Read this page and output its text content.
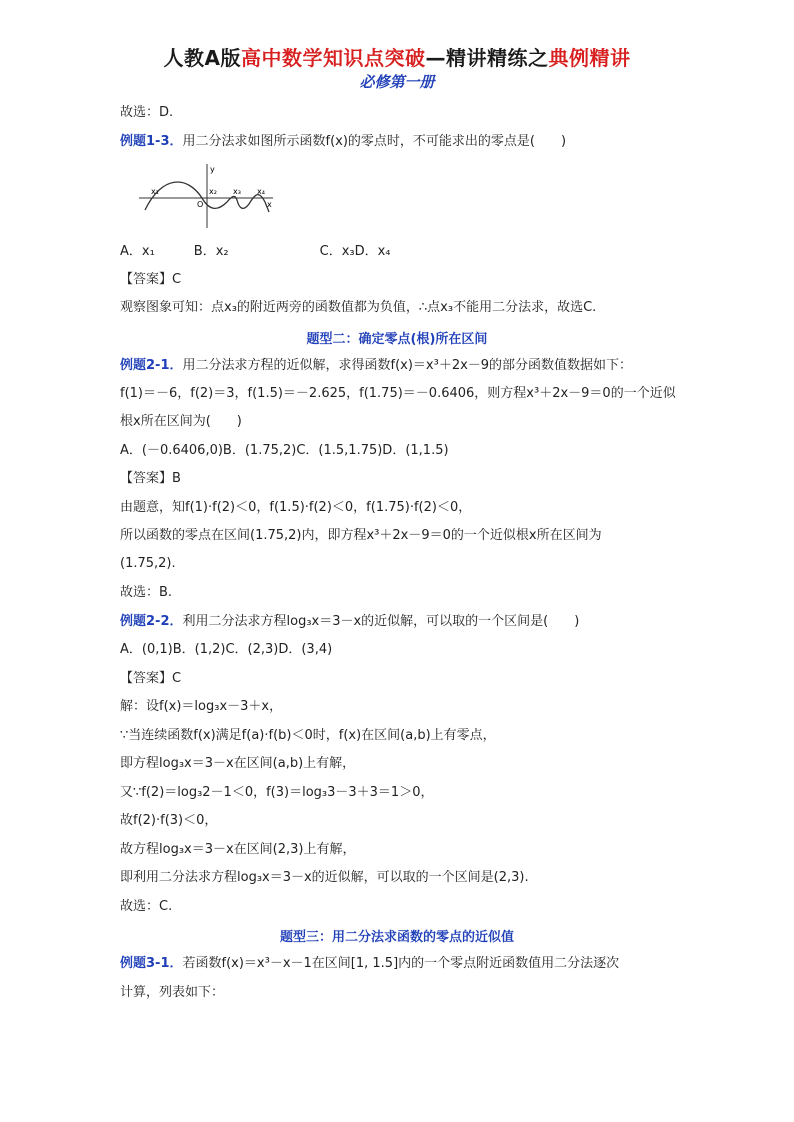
人教A版高中数学知识点突破—精讲精练之典例精讲
必修第一册
故选：D.
例题1-3．用二分法求如图所示函数f(x)的零点时，不可能求出的零点是(　　)
x₁	x₂ x₃ x₄
y
O	x
A．x₁　　　B．x₂　　　　　　　C．x₃D．x₄
【答案】C
观察图象可知：点x₃的附近两旁的函数值都为负值，∴点x₃不能用二分法求，故选C.
题型二：确定零点(根)所在区间
例题2-1．用二分法求方程的近似解，求得函数f(x)＝x³＋2x－9的部分函数值数据如下：
f(1)＝－6，f(2)＝3，f(1.5)＝－2.625，f(1.75)＝－0.6406，则方程x³＋2x－9＝0的一个近似
根x所在区间为(　　)
A．(－0.6406,0)B．(1.75,2)C．(1.5,1.75)D．(1,1.5)
【答案】B
由题意，知f(1)·f(2)＜0，f(1.5)·f(2)＜0，f(1.75)·f(2)＜0，
所以函数的零点在区间(1.75,2)内，即方程x³＋2x－9＝0的一个近似根x所在区间为
(1.75,2).
故选：B.
例题2-2．利用二分法求方程log₃x＝3－x的近似解，可以取的一个区间是(　　)
A．(0,1)B．(1,2)C．(2,3)D．(3,4)
【答案】C
解：设f(x)＝log₃x－3＋x，
∵当连续函数f(x)满足f(a)·f(b)＜0时，f(x)在区间(a,b)上有零点，
即方程log₃x＝3－x在区间(a,b)上有解，
又∵f(2)＝log₃2－1＜0，f(3)＝log₃3－3＋3＝1＞0，
故f(2)·f(3)＜0，
故方程log₃x＝3－x在区间(2,3)上有解，
即利用二分法求方程log₃x＝3－x的近似解，可以取的一个区间是(2,3).
故选：C.
题型三：用二分法求函数的零点的近似值
例题3-1．若函数f(x)＝x³－x－1在区间[1, 1.5]内的一个零点附近函数值用二分法逐次
计算，列表如下：
